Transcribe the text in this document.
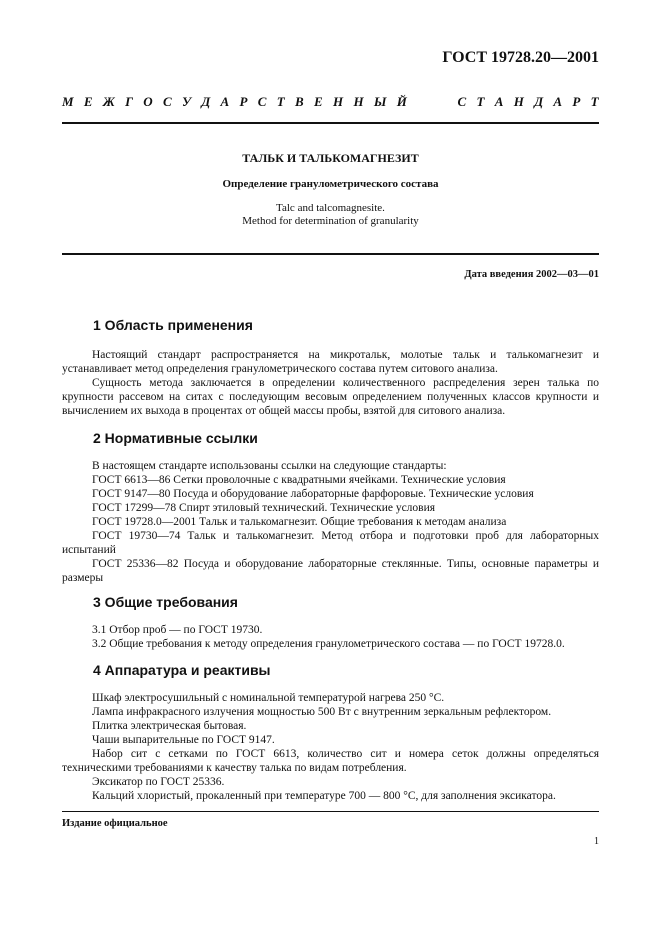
ГОСТ 19728.20—2001
М Е Ж Г О С У Д А Р С Т В Е Н Н Ы Й	С Т А Н Д А Р Т
ТАЛЬК И ТАЛЬКОМАГНЕЗИТ
Определение гранулометрического состава
Talc and talcomagnesite.
Method for determination of granularity
Дата введения 2002—03—01
1 Область применения
Настоящий стандарт распространяется на микротальк, молотые тальк и талькомагнезит и устанавливает метод определения гранулометрического состава путем ситового анализа.
Сущность метода заключается в определении количественного распределения зерен талька по крупности рассевом на ситах с последующим весовым определением полученных классов крупности и вычислением их выхода в процентах от общей массы пробы, взятой для ситового анализа.
2 Нормативные ссылки
В настоящем стандарте использованы ссылки на следующие стандарты:
ГОСТ 6613—86 Сетки проволочные с квадратными ячейками. Технические условия
ГОСТ 9147—80 Посуда и оборудование лабораторные фарфоровые. Технические условия
ГОСТ 17299—78 Спирт этиловый технический. Технические условия
ГОСТ 19728.0—2001 Тальк и талькомагнезит. Общие требования к методам анализа
ГОСТ 19730—74 Тальк и талькомагнезит. Метод отбора и подготовки проб для лабораторных испытаний
ГОСТ 25336—82 Посуда и оборудование лабораторные стеклянные. Типы, основные параметры и размеры
3 Общие требования
3.1 Отбор проб — по ГОСТ 19730.
3.2 Общие требования к методу определения гранулометрического состава — по ГОСТ 19728.0.
4 Аппаратура и реактивы
Шкаф электросушильный с номинальной температурой нагрева 250 °С.
Лампа инфракрасного излучения мощностью 500 Вт с внутренним зеркальным рефлектором.
Плитка электрическая бытовая.
Чаши выпарительные по ГОСТ 9147.
Набор сит с сетками по ГОСТ 6613, количество сит и номера сеток должны определяться техническими требованиями к качеству талька по видам потребления.
Эксикатор по ГОСТ 25336.
Кальций хлористый, прокаленный при температуре 700 — 800 °С, для заполнения эксикатора.
Издание официальное
1
